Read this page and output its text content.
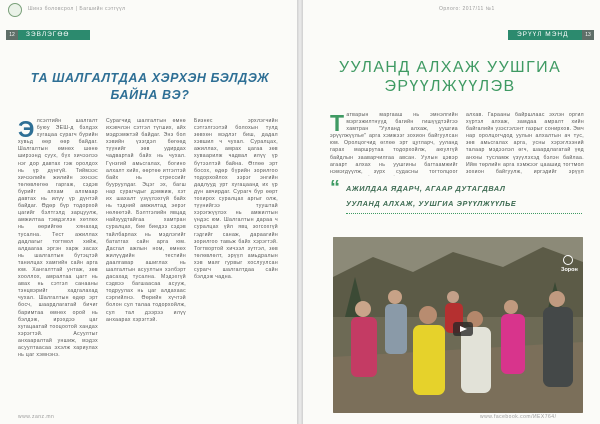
Шинэ боловсрол | Багшийн сэтгүүл
12	ЗЭВЛЭГӨӨ
ТА ШАЛГАЛТДАА ХЭРХЭН БЭЛДЭЖ БАЙНА ВЭ?
Э лсэлтийн шалгалт буюу ЭЕШ-д бэлдэх хугацаа сурагч бүрийн хувьд өөр өөр байдаг. Шалгалтын өмнөх шөнө ширээнд суух, бүх хичээлээ нэг дор давтах гэж оролдох нь үр дүнгүй. Тиймээс хичээлийн жилийн эхнээс төлөвлөгөө гаргаж, сэдэв бүрийг алхам алхмаар давтах нь илүү үр дүнтэй байдаг. Өдөр бүр тодорхой цагийг бэлтгэлд зарцуулж, амжилтаа тэмдэглэн хөтлөх нь өөрийгөө хянахад тусална. Тест ажиллах дадлагыг тогтмол хийж, алдаагаа эргэн харж засах нь шалгалтын бүтэцтэй танилцах хамгийн сайн арга юм. Хангалттай унтаж, зөв хооллох, амралтаа цагт нь авах нь сэтгэл санааны тэнцвэрийг хадгалахад чухал. Шалгалтын өдөр эрт босч, шаардлагатай бичиг баримтаа өмнөх орой нь бэлдэж, ирэхдээ цаг хугацаатай тооцоотой хандах хэрэгтэй. Асуултыг анхааралтай уншиж, мэдэх асуултаасаа эхэлж хариулах нь цаг хэмнэнэ.
Сурагчид шалгалтын өмнө ихэвчлэн сэтгэл түгших, айх мэдрэмжтэй байдаг. Энэ бол хэвийн үзэгдэл бөгөөд түүнийг зөв удирдах чадвартай байх нь чухал. Гүнзгий амьсгалах, богино алхалт хийх, өөртөө итгэлтэй байх нь стрессийг бууруулдаг. Эцэг эх, багш нар сурагчдыг дэмжиж, хэт их шахалт үзүүлэхгүй байх нь тэдний амжилтад эерэг нөлөөтэй. Бэлтгэлийн явцад найзуудтайгаа хамтран суралцах, бие биедээ сэдэв тайлбарлах нь мэдлэгийг бататгах сайн арга юм. Дасгал ажлын ном, өмнөх жилүүдийн тестийн даалгавар ашиглах нь шалгалтын асуултын хэлбэрт дасахад тусална. Мэдэхгүй сэдвээ багшаасаа асууж, тодруулах нь цаг алдахаас сэргийлнэ. Өөрийн хүчтэй болон сул талаа тодорхойлж, сул тал дээрээ илүү анхаарах хэрэгтэй.
Бизнес эрхлэгчийн сэтгэлгээтэй болохын тулд зөвхөн мэдлэг биш, дадал хэвшил ч чухал. Суралцах, ажиллах, амрах цагаа зөв хуваарилж чадвал илүү үр бүтээлтэй байна. Өглөө эрт босох, өдөр бүрийн зорилгоо тодорхойлох зэрэг энгийн дадлууд урт хугацаанд их үр дүн авчирдаг. Сурагч бүр өөрт тохирох суралцах аргыг олж, түүнийгээ тууштай хэрэгжүүлэх нь амжилтын үндэс юм. Шалгалтын дараа ч суралцах үйл явц зогсохгүй гэдгийг санаж, дараагийн зорилгоо тавьж байх хэрэгтэй. Тогтвортой хичээл зүтгэл, зөв төлөвлөлт, эрүүл амьдралын хэв маяг гурвыг хослуулсан сурагч шалгалтдаа сайн бэлдэж чадна.
www.zanz.mn
Орлого: 2017/11 №1
ЭРҮҮЛ МЭНД	13
УУЛАНД АЛХАЖ УУШГИА ЭРҮҮЛЖҮҮЛЭВ
Т атварын маргааш нь эмнэлгийн мэргэжилтнүүд багийн гишүүдтэйгээ хамтран "Ууланд алхаж, уушгиа эрүүлжүүлье" арга хэмжээг зохион байгуулсан юм. Оролцогчид өглөө эрт цугларч, ууланд гарах маршрутаа тодорхойлж, аюулгүй байдлын зааварчилгаа авсан. Уулын цэвэр агаарт алхах нь уушгины багтаамжийг нэмэгдүүлж, зүрх судасны тогтолцоог
алхав. Гарааны байршлаас эхлэн оргил хүртэл алхаж, замдаа амралт хийн байгалийн үзэсгэлэнт газрыг сонирхов. Эмч нар оролцогчдод уулын алхалтын ач тус, зөв амьсгалах арга, усны хэрэглээний талаар мэдээлэл өгч, шаардлагатай үед анхны тусламж үзүүлэхэд бэлэн байлаа. Ийм төрлийн арга хэмжээг цаашид тогтмол зохион байгуулж, иргэдийг эрүүл
“ АЖИЛДАА ЯДАРЧ, АГААР ДУТАГДВАЛ
УУЛАНД АЛХАЖ, УУШГИА ЭРҮҮЛЖҮҮЛЬЕ
Зорон
www.facebook.com/ИЕХ764/
